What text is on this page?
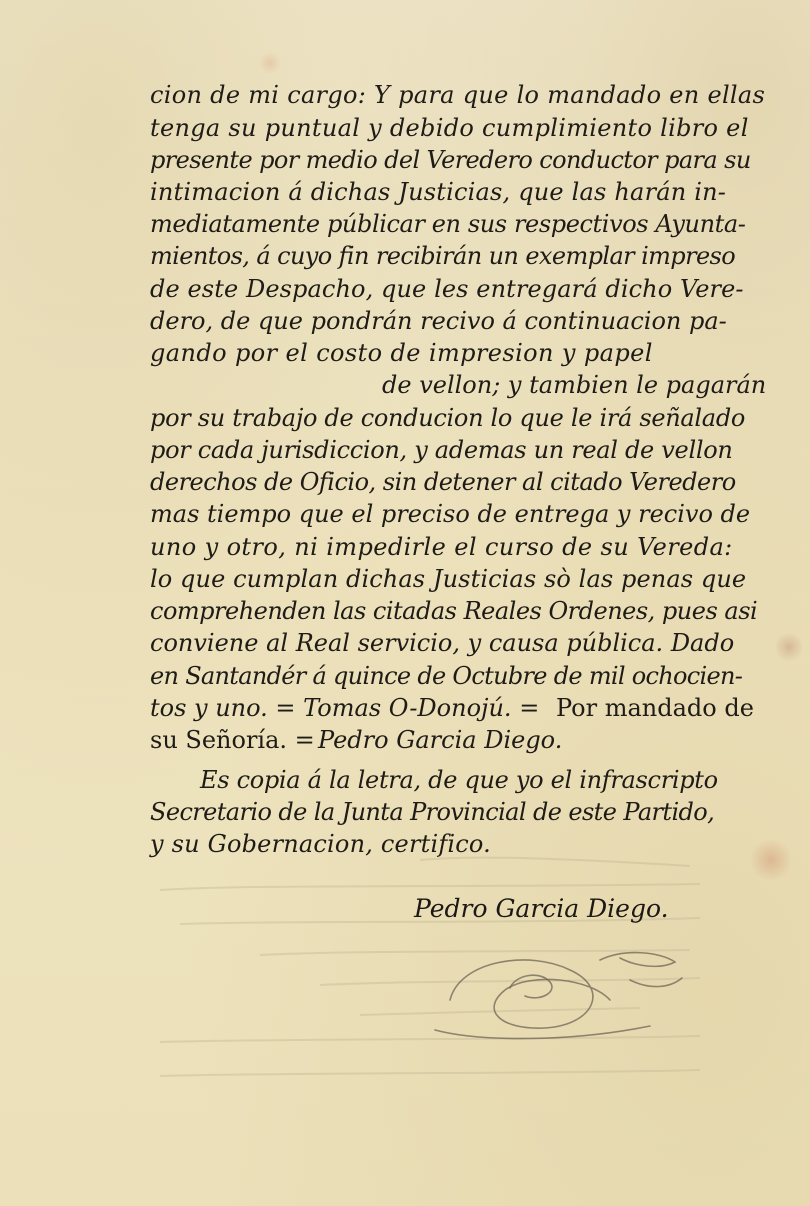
cion de mi cargo: Y para que lo mandado en ellas
tenga su puntual y debido cumplimiento libro el
presente por medio del Veredero conductor para su
intimacion á dichas Justicias, que las harán in-
mediatamente públicar en sus respectivos Ayunta-
mientos, á cuyo fin recibirán un exemplar impreso
de este Despacho, que les entregará dicho Vere-
dero, de que pondrán recivo á continuacion pa-
gando por el costo de impresion y papel
de vellon; y tambien le pagarán
por su trabajo de conducion lo que le irá señalado
por cada jurisdiccion, y ademas un real de vellon
derechos de Oficio, sin detener al citado Veredero
mas tiempo que el preciso de entrega y recivo de
uno y otro, ni impedirle el curso de su Vereda:
lo que cumplan dichas Justicias sò las penas que
comprehenden las citadas Reales Ordenes, pues asi
conviene al Real servicio, y causa pública. Dado
en Santandér á quince de Octubre de mil ochocien-
tos y uno. = Tomas O-Donojú. = Por mandado de
su Señoría. = Pedro Garcia Diego.
Es copia á la letra, de que yo el infrascripto
Secretario de la Junta Provincial de este Partido,
y su Gobernacion, certifico.
Pedro Garcia Diego.
